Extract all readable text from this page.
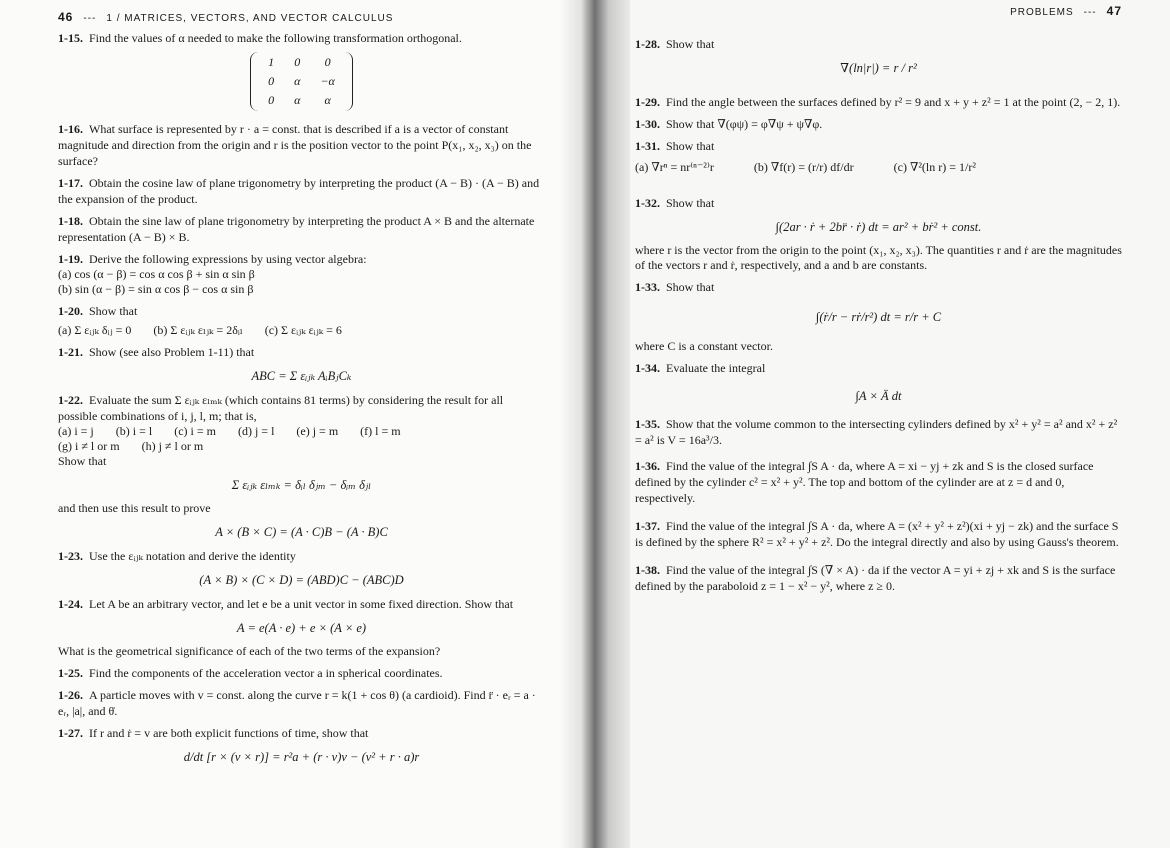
46 --- 1 / MATRICES, VECTORS, AND VECTOR CALCULUS
1-15. Find the values of α needed to make the following transformation orthogonal.
1	0	0
0	α	−α
0	α	α
1-16. What surface is represented by r · a = const. that is described if a is a vector of constant magnitude and direction from the origin and r is the position vector to the point P(x₁, x₂, x₃) on the surface?
1-17. Obtain the cosine law of plane trigonometry by interpreting the product (A − B) · (A − B) and the expansion of the product.
1-18. Obtain the sine law of plane trigonometry by interpreting the product A × B and the alternate representation (A − B) × B.
1-19. Derive the following expressions by using vector algebra:
(a) cos (α − β) = cos α cos β + sin α sin β
(b) sin (α − β) = sin α cos β − cos α sin β
1-20. Show that
(a) Σ εᵢⱼₖ δᵢⱼ = 0 (b) Σ εᵢⱼₖ εₗⱼₖ = 2δᵢₗ (c) Σ εᵢⱼₖ εᵢⱼₖ = 6
1-21. Show (see also Problem 1-11) that
ABC = Σ εᵢⱼₖ AᵢBⱼCₖ
1-22. Evaluate the sum Σ εᵢⱼₖ εₗₘₖ (which contains 81 terms) by considering the result for all possible combinations of i, j, l, m; that is,
(a) i = j (b) i = l (c) i = m (d) j = l (e) j = m (f) l = m
(g) i ≠ l or m (h) j ≠ l or m
Show that
Σ εᵢⱼₖ εₗₘₖ = δᵢₗ δⱼₘ − δᵢₘ δⱼₗ
and then use this result to prove
A × (B × C) = (A · C)B − (A · B)C
1-23. Use the εᵢⱼₖ notation and derive the identity
(A × B) × (C × D) = (ABD)C − (ABC)D
1-24. Let A be an arbitrary vector, and let e be a unit vector in some fixed direction. Show that
A = e(A · e) + e × (A × e)
What is the geometrical significance of each of the two terms of the expansion?
1-25. Find the components of the acceleration vector a in spherical coordinates.
1-26. A particle moves with v = const. along the curve r = k(1 + cos θ) (a cardioid). Find r̈ · eᵣ = a · eᵣ, |a|, and θ̇.
1-27. If r and ṙ = v are both explicit functions of time, show that
d/dt [r × (v × r)] = r²a + (r · v)v − (v² + r · a)r
PROBLEMS --- 47
1-28. Show that
∇(ln|r|) = r / r²
1-29. Find the angle between the surfaces defined by r² = 9 and x + y + z² = 1 at the point (2, − 2, 1).
1-30. Show that ∇(φψ) = φ∇ψ + ψ∇φ.
1-31. Show that
(a) ∇rⁿ = nr⁽ⁿ⁻²⁾r	(b) ∇f(r) = (r/r) df/dr	(c) ∇²(ln r) = 1/r²
1-32. Show that
∫(2ar · ṙ + 2br̈ · ṙ) dt = ar² + bṙ² + const.
where r is the vector from the origin to the point (x₁, x₂, x₃). The quantities r and ṙ are the magnitudes of the vectors r and ṙ, respectively, and a and b are constants.
1-33. Show that
∫(ṙ/r − rṙ/r²) dt = r/r + C
where C is a constant vector.
1-34. Evaluate the integral
∫A × Ä dt
1-35. Show that the volume common to the intersecting cylinders defined by x² + y² = a² and x² + z² = a² is V = 16a³/3.
1-36. Find the value of the integral ∫S A · da, where A = xi − yj + zk and S is the closed surface defined by the cylinder c² = x² + y². The top and bottom of the cylinder are at z = d and 0, respectively.
1-37. Find the value of the integral ∫S A · da, where A = (x² + y² + z²)(xi + yj − zk) and the surface S is defined by the sphere R² = x² + y² + z². Do the integral directly and also by using Gauss's theorem.
1-38. Find the value of the integral ∫S (∇ × A) · da if the vector A = yi + zj + xk and S is the surface defined by the paraboloid z = 1 − x² − y², where z ≥ 0.
